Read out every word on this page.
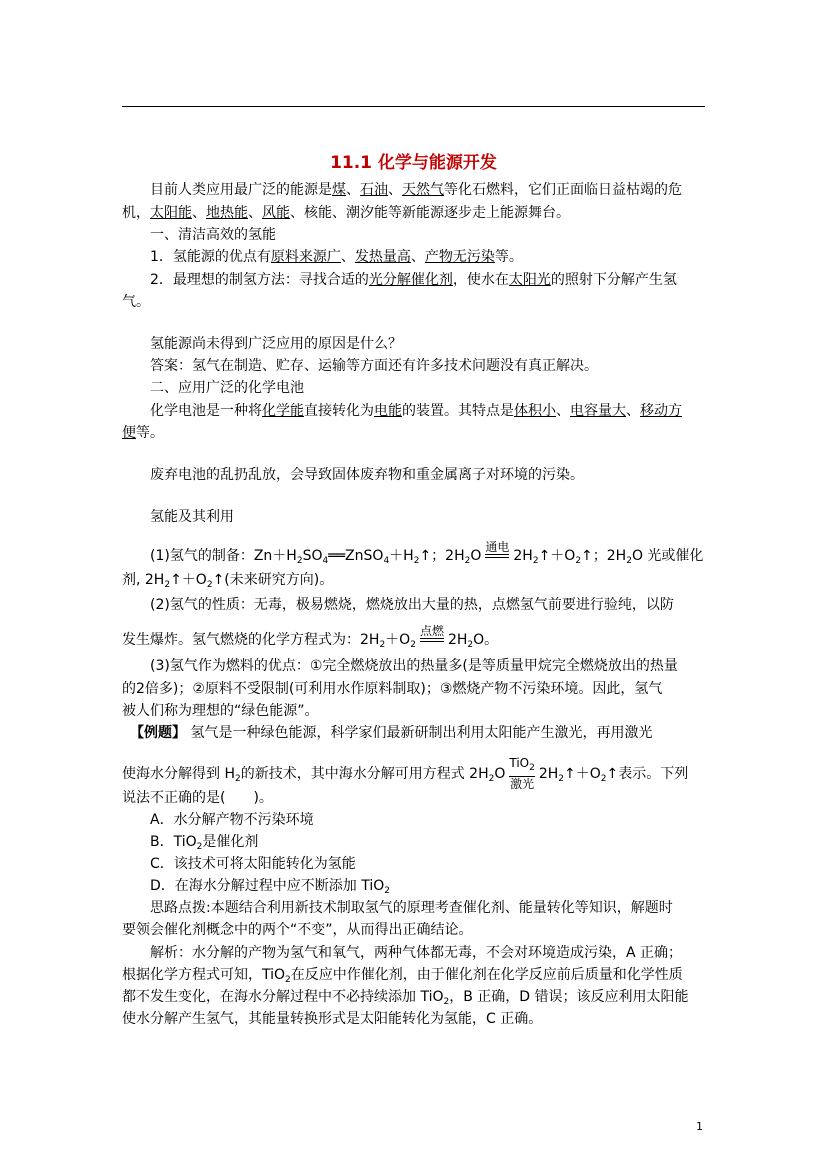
11.1 化学与能源开发
目前人类应用最广泛的能源是煤、石油、天然气等化石燃料，它们正面临日益枯竭的危
机，太阳能、地热能、风能、核能、潮汐能等新能源逐步走上能源舞台。
一、清洁高效的氢能
1．氢能源的优点有原料来源广、发热量高、产物无污染等。
2．最理想的制氢方法：寻找合适的光分解催化剂，使水在太阳光的照射下分解产生氢
气。
氢能源尚未得到广泛应用的原因是什么？
答案：氢气在制造、贮存、运输等方面还有许多技术问题没有真正解决。
二、应用广泛的化学电池
化学电池是一种将化学能直接转化为电能的装置。其特点是体积小、电容量大、移动方
便等。
废弃电池的乱扔乱放，会导致固体废弃物和重金属离子对环境的污染。
氢能及其利用
(1)氢气的制备：$Zn+H_2SO_4══ZnSO_4+H_2↑$；$2H_2O$
通电
$2H_2↑+O_2↑$；$2H_2O$ 光或催化
剂, $2H_2↑+O_2↑$(未来研究方向)。
(2)氢气的性质：无毒，极易燃烧，燃烧放出大量的热，点燃氢气前要进行验纯，以防
发生爆炸。氢气燃烧的化学方程式为：$2H_2+O_2$
点燃
$2H_2O$。
(3)氢气作为燃料的优点：①完全燃烧放出的热量多(是等质量甲烷完全燃烧放出的热量
的2倍多)；②原料不受限制(可利用水作原料制取)；③燃烧产物不污染环境。因此，氢气
被人们称为理想的“绿色能源”。
【例题】 氢气是一种绿色能源，科学家们最新研制出利用太阳能产生激光，再用激光
使海水分解得到 $H_2$的新技术，其中海水分解可用方程式 $2H_2O \frac{TiO_2}{\text{激光}}$ $2H_2↑+O_2↑$表示。下列
说法不正确的是(　　)。
A．水分解产物不污染环境
B．TiO$_2$是催化剂
C．该技术可将太阳能转化为氢能
D．在海水分解过程中应不断添加 TiO$_2$
思路点拨:本题结合利用新技术制取氢气的原理考查催化剂、能量转化等知识，解题时
要领会催化剂概念中的两个“不变”，从而得出正确结论。
解析：水分解的产物为氢气和氧气，两种气体都无毒，不会对环境造成污染，A 正确；
根据化学方程式可知，TiO$_2$在反应中作催化剂，由于催化剂在化学反应前后质量和化学性质
都不发生变化，在海水分解过程中不必持续添加 TiO$_2$，B 正确，D 错误；该反应利用太阳能
使水分解产生氢气，其能量转换形式是太阳能转化为氢能，C 正确。
1
